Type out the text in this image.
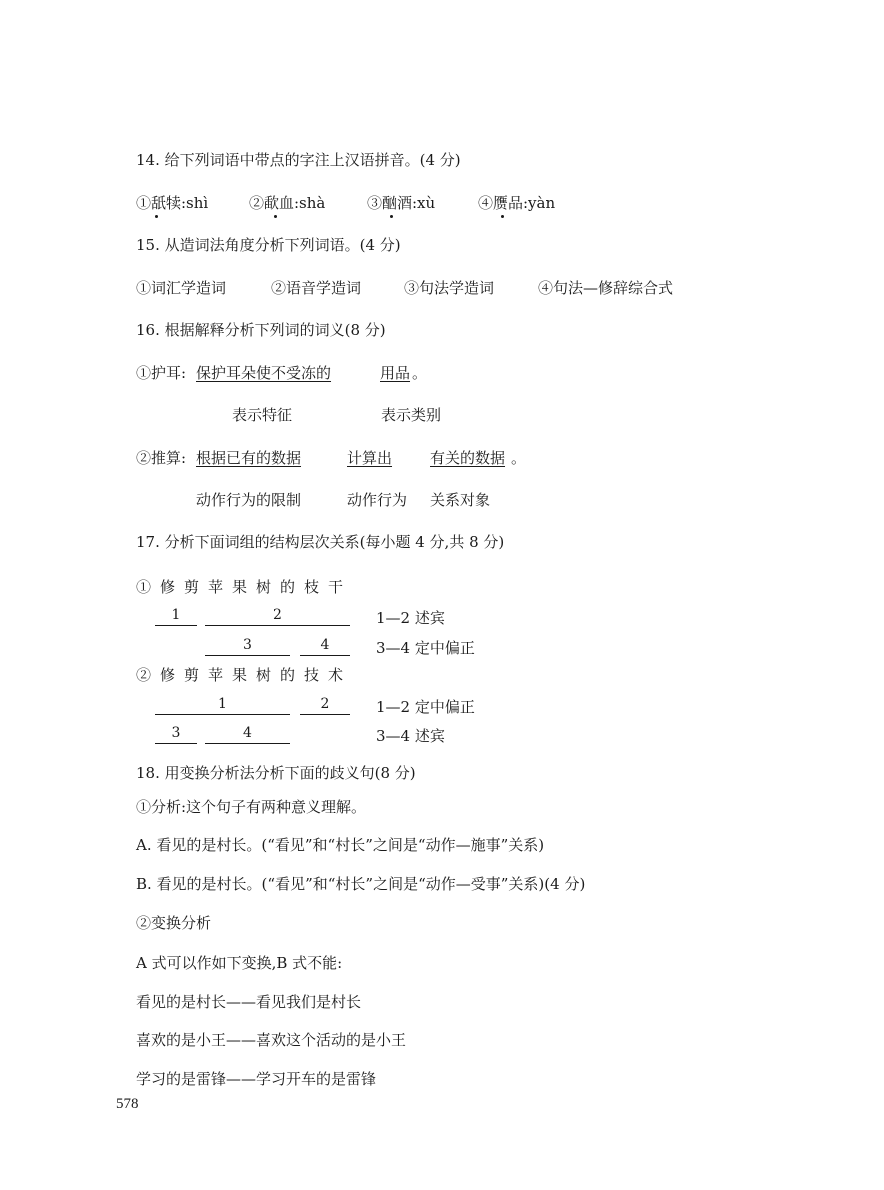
14. 给下列词语中带点的字注上汉语拼音。(4 分)
①舐犊:shì	②歃血:shà	③酗酒:xù	④赝品:yàn
15. 从造词法角度分析下列词语。(4 分)
①词汇学造词	②语音学造词	③句法学造词	④句法—修辞综合式
16. 根据解释分析下列词的词义(8 分)
①护耳: 保护耳朵使不受冻的	用品 。
表示特征	表示类别
②推算: 根据已有的数据	计算出	有关的数据 。
动作行为的限制	动作行为 关系对象
17. 分析下面词组的结构层次关系(每小题 4 分,共 8 分)
①修剪苹果树的枝干
1	2	1—2 述宾
3	4	3—4 定中偏正
②修剪苹果树的技术
1	2	1—2 定中偏正
3	4	3—4 述宾
18. 用变换分析法分析下面的歧义句(8 分)
①分析:这个句子有两种意义理解。
A. 看见的是村长。(“看见”和“村长”之间是“动作—施事”关系)
B. 看见的是村长。(“看见”和“村长”之间是“动作—受事”关系)(4 分)
②变换分析
A 式可以作如下变换,B 式不能:
看见的是村长——看见我们是村长
喜欢的是小王——喜欢这个活动的是小王
学习的是雷锋——学习开车的是雷锋
578
